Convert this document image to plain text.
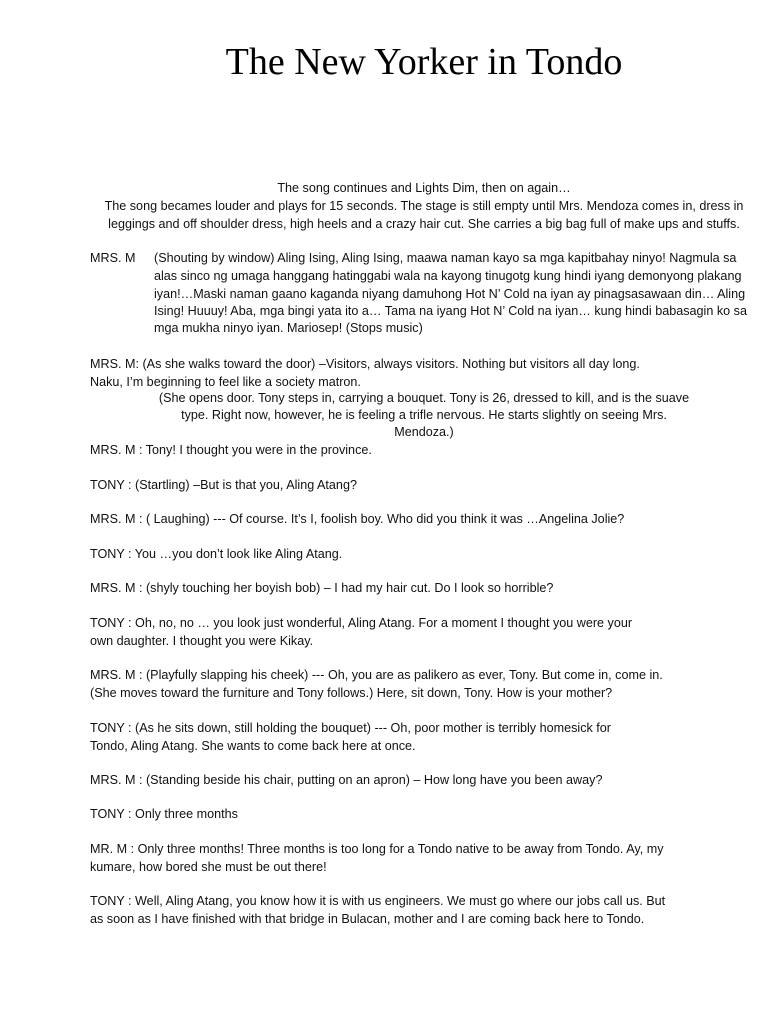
The New Yorker in Tondo
The song continues and Lights Dim, then on again…
The song becames louder and plays for 15 seconds. The stage is still empty until Mrs. Mendoza comes in, dress in
leggings and off shoulder dress, high heels and a crazy hair cut. She carries a big bag full of make ups and stuffs.
MRS. M (Shouting by window) Aling Ising, Aling Ising, maawa naman kayo sa mga kapitbahay ninyo! Nagmula sa
alas sinco ng umaga hanggang hatinggabi wala na kayong tinugotg kung hindi iyang demonyong plakang
iyan!…Maski naman gaano kaganda niyang damuhong Hot N’ Cold na iyan ay pinagsasawaan din… Aling
Ising! Huuuy! Aba, mga bingi yata ito a… Tama na iyang Hot N’ Cold na iyan… kung hindi babasagin ko sa
mga mukha ninyo iyan. Mariosep! (Stops music)
MRS. M: (As she walks toward the door) –Visitors, always visitors. Nothing but visitors all day long.
Naku, I’m beginning to feel like a society matron.
(She opens door. Tony steps in, carrying a bouquet. Tony is 26, dressed to kill, and is the suave
type. Right now, however, he is feeling a trifle nervous. He starts slightly on seeing Mrs.
Mendoza.)
MRS. M : Tony! I thought you were in the province.
TONY : (Startling) –But is that you, Aling Atang?
MRS. M : ( Laughing) --- Of course. It’s I, foolish boy. Who did you think it was …Angelina Jolie?
TONY : You …you don’t look like Aling Atang.
MRS. M : (shyly touching her boyish bob) – I had my hair cut. Do I look so horrible?
TONY : Oh, no, no … you look just wonderful, Aling Atang. For a moment I thought you were your
own daughter. I thought you were Kikay.
MRS. M : (Playfully slapping his cheek) --- Oh, you are as palikero as ever, Tony. But come in, come in.
(She moves toward the furniture and Tony follows.) Here, sit down, Tony. How is your mother?
TONY : (As he sits down, still holding the bouquet) --- Oh, poor mother is terribly homesick for
Tondo, Aling Atang. She wants to come back here at once.
MRS. M : (Standing beside his chair, putting on an apron) – How long have you been away?
TONY : Only three months
MR. M : Only three months! Three months is too long for a Tondo native to be away from Tondo. Ay, my
kumare, how bored she must be out there!
TONY : Well, Aling Atang, you know how it is with us engineers. We must go where our jobs call us. But
as soon as I have finished with that bridge in Bulacan, mother and I are coming back here to Tondo.
